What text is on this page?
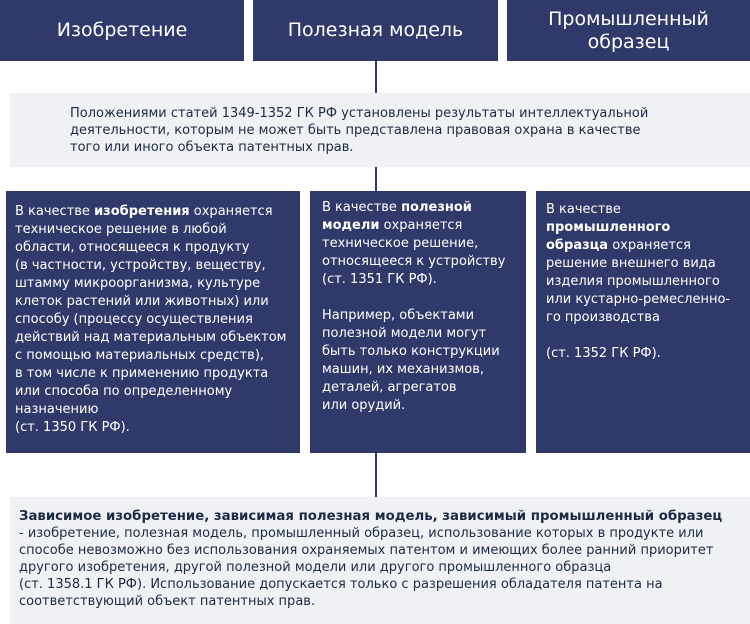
Изобретение	Полезная модель
Промышленный образец
Положениями статей 1349-1352 ГК РФ установлены результаты интеллектуальной
деятельности, которым не может быть представлена правовая охрана в качестве
того или иного объекта патентных прав.
В качестве изобретения охраняется
техническое решение в любой
области, относящееся к продукту
(в частности, устройству, веществу,
штамму микроорганизма, культуре
клеток растений или животных) или
способу (процессу осуществления
действий над материальным объектом
с помощью материальных средств),
в том числе к применению продукта
или способа по определенному
назначению
(ст. 1350 ГК РФ).
В качестве полезной
модели охраняется
техническое решение,
относящееся к устройству
(ст. 1351 ГК РФ).
Например, объектами
полезной модели могут
быть только конструкции
машин, их механизмов,
деталей, агрегатов
или орудий.
В качестве
промышленного
образца охраняется
решение внешнего вида
изделия промышленного
или кустарно-ремесленно-
го производства
(ст. 1352 ГК РФ).
Зависимое изобретение, зависимая полезная модель, зависимый промышленный образец
- изобретение, полезная модель, промышленный образец, использование которых в продукте или
способе невозможно без использования охраняемых патентом и имеющих более ранний приоритет
другого изобретения, другой полезной модели или другого промышленного образца
(ст. 1358.1 ГК РФ). Использование допускается только с разрешения обладателя патента на
соответствующий объект патентных прав.
